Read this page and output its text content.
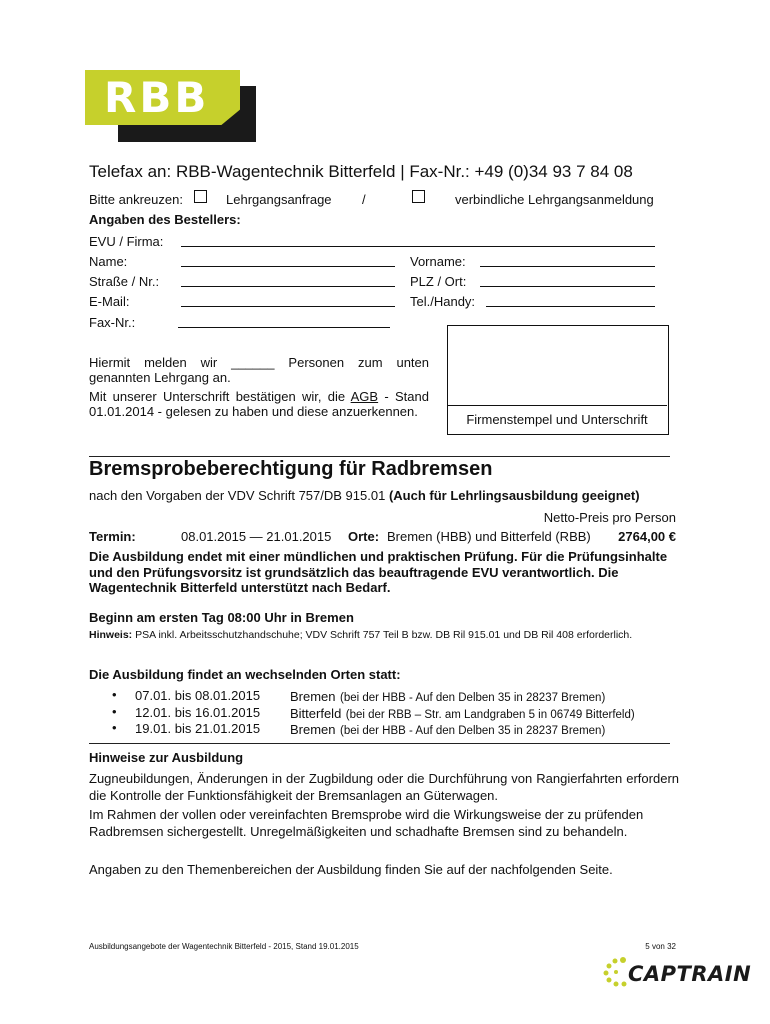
RBB
Telefax an: RBB-Wagentechnik Bitterfeld | Fax-Nr.: +49 (0)34 93 7 84 08
Bitte ankreuzen:	Lehrgangsanfrage /	verbindliche Lehrgangsanmeldung
Angaben des Bestellers:
EVU / Firma:
Name:	Vorname:
Straße / Nr.:	PLZ / Ort:
E-Mail:	Tel./Handy:
Fax-Nr.:
Hiermit melden wir ______ Personen zum unten genannten Lehrgang an.
Mit unserer Unterschrift bestätigen wir, die AGB - Stand 01.01.2014 - gelesen zu haben und diese anzuerkennen.
Firmenstempel und Unterschrift
Bremsprobeberechtigung für Radbremsen
nach den Vorgaben der VDV Schrift 757/DB 915.01 (Auch für Lehrlingsausbildung geeignet)
Netto-Preis pro Person
Termin:	08.01.2015 — 21.01.2015 Orte: Bremen (HBB) und Bitterfeld (RBB)	2764,00 €
Die Ausbildung endet mit einer mündlichen und praktischen Prüfung. Für die Prüfungsinhalte und den Prüfungsvorsitz ist grundsätzlich das beauftragende EVU verantwortlich. Die Wagentechnik Bitterfeld unterstützt nach Bedarf.
Beginn am ersten Tag 08:00 Uhr in Bremen
Hinweis: PSA inkl. Arbeitsschutzhandschuhe; VDV Schrift 757 Teil B bzw. DB Ril 915.01 und DB Ril 408 erforderlich.
Die Ausbildung findet an wechselnden Orten statt:
• 07.01. bis 08.01.2015 Bremen (bei der HBB - Auf den Delben 35 in 28237 Bremen)
• 12.01. bis 16.01.2015 Bitterfeld (bei der RBB – Str. am Landgraben 5 in 06749 Bitterfeld)
• 19.01. bis 21.01.2015 Bremen (bei der HBB - Auf den Delben 35 in 28237 Bremen)
Hinweise zur Ausbildung
Zugneubildungen, Änderungen in der Zugbildung oder die Durchführung von Rangierfahrten erfordern die Kontrolle der Funktionsfähigkeit der Bremsanlagen an Güterwagen.
Im Rahmen der vollen oder vereinfachten Bremsprobe wird die Wirkungsweise der zu prüfenden Radbremsen sichergestellt. Unregelmäßigkeiten und schadhafte Bremsen sind zu behandeln.
Angaben zu den Themenbereichen der Ausbildung finden Sie auf der nachfolgenden Seite.
Ausbildungsangebote der Wagentechnik Bitterfeld - 2015, Stand 19.01.2015	5 von 32
CAPTRAIN
